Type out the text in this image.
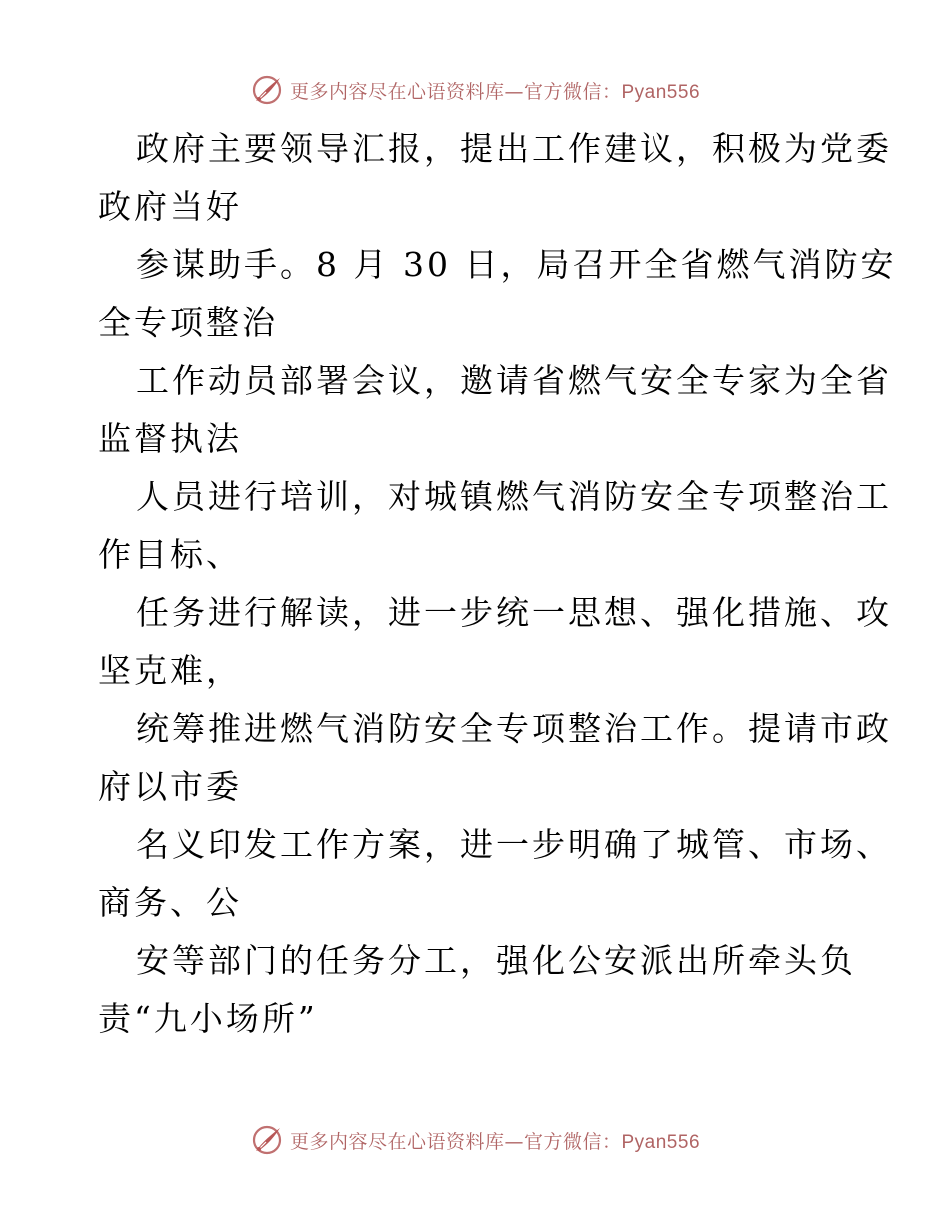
更多内容尽在心语资料库—官方微信：Pyan556

政府主要领导汇报，提出工作建议，积极为党委
政府当好

参谋助手。8 月 30 日，局召开全省燃气消防安
全专项整治

工作动员部署会议，邀请省燃气安全专家为全省
监督执法

人员进行培训，对城镇燃气消防安全专项整治工
作目标、

任务进行解读，进一步统一思想、强化措施、攻
坚克难，

统筹推进燃气消防安全专项整治工作。提请市政
府以市委

名义印发工作方案，进一步明确了城管、市场、
商务、公

安等部门的任务分工，强化公安派出所牵头负
责“九小场所”

更多内容尽在心语资料库—官方微信：Pyan556
